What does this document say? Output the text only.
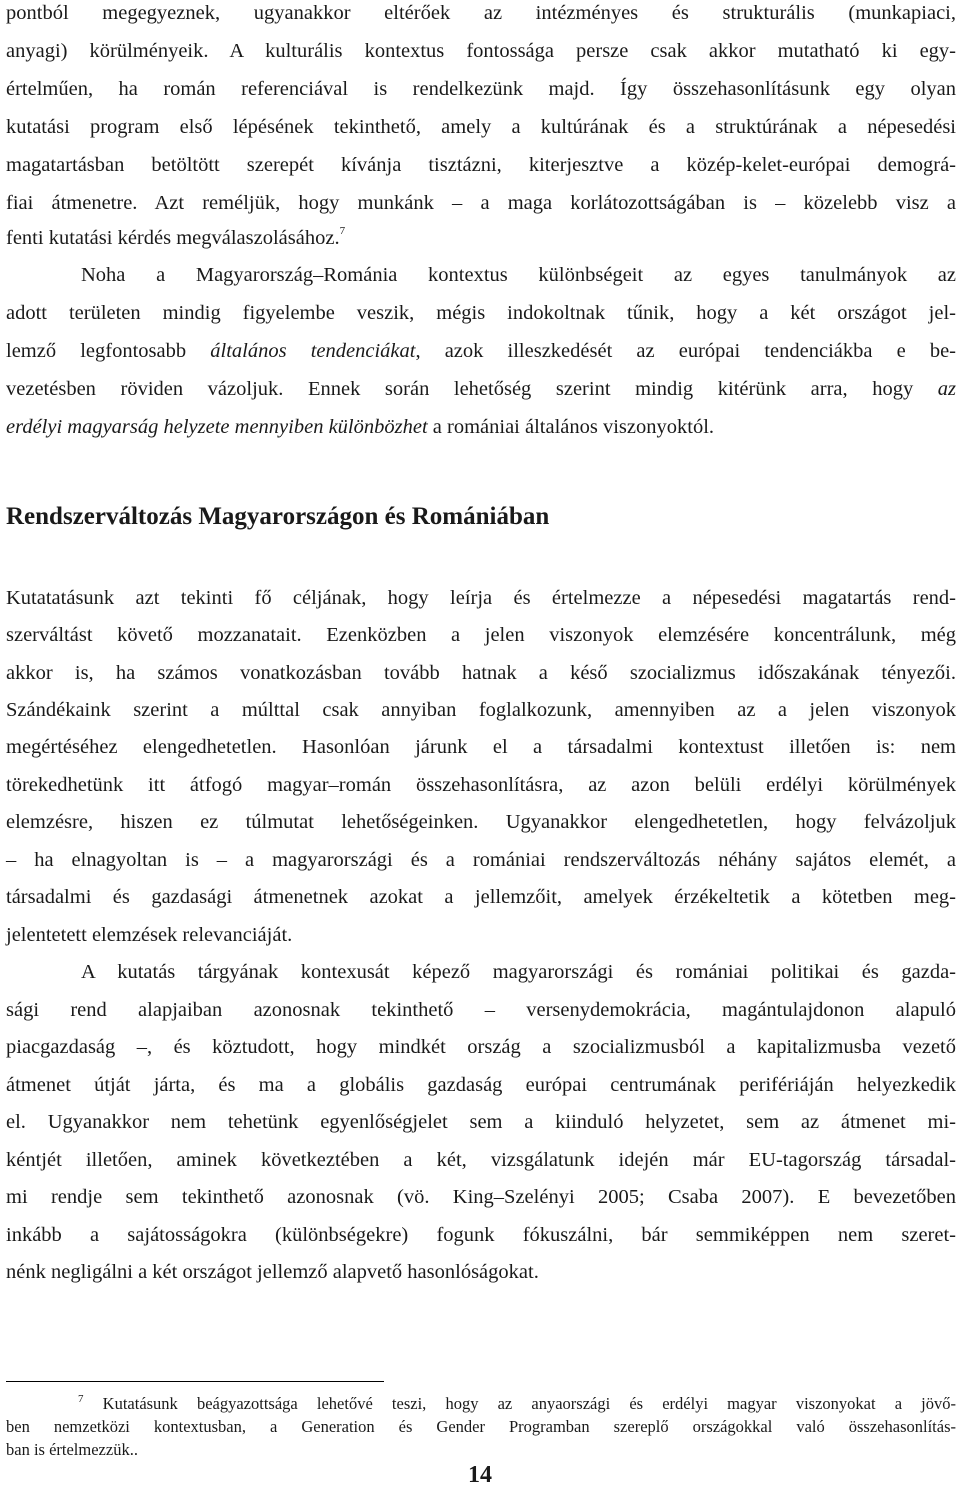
pontból megegyeznek, ugyanakkor eltérőek az intézményes és strukturális (munkapiaci,
anyagi) körülményeik. A kulturális kontextus fontossága persze csak akkor mutatható ki egy-
értelműen, ha román referenciával is rendelkezünk majd. Így összehasonlításunk egy olyan
kutatási program első lépésének tekinthető, amely a kultúrának és a struktúrának a népesedési
magatartásban betöltött szerepét kívánja tisztázni, kiterjesztve a közép-kelet-európai demográ-
fiai átmenetre. Azt reméljük, hogy munkánk – a maga korlátozottságában is – közelebb visz a
fenti kutatási kérdés megválaszolásához.$^7$
Noha a Magyarország–Románia kontextus különbségeit az egyes tanulmányok az
adott területen mindig figyelembe veszik, mégis indokoltnak tűnik, hogy a két országot jel-
lemző legfontosabb általános tendenciákat, azok illeszkedését az európai tendenciákba e be-
vezetésben röviden vázoljuk. Ennek során lehetőség szerint mindig kitérünk arra, hogy az
erdélyi magyarság helyzete mennyiben különbözhet a romániai általános viszonyoktól.
Rendszerváltozás Magyarországon és Romániában
Kutatatásunk azt tekinti fő céljának, hogy leírja és értelmezze a népesedési magatartás rend-
szerváltást követő mozzanatait. Ezenközben a jelen viszonyok elemzésére koncentrálunk, még
akkor is, ha számos vonatkozásban tovább hatnak a késő szocializmus időszakának tényezői.
Szándékaink szerint a múlttal csak annyiban foglalkozunk, amennyiben az a jelen viszonyok
megértéséhez elengedhetetlen. Hasonlóan járunk el a társadalmi kontextust illetően is: nem
törekedhetünk itt átfogó magyar–román összehasonlításra, az azon belüli erdélyi körülmények
elemzésre, hiszen ez túlmutat lehetőségeinken. Ugyanakkor elengedhetetlen, hogy felvázoljuk
– ha elnagyoltan is – a magyarországi és a romániai rendszerváltozás néhány sajátos elemét, a
társadalmi és gazdasági átmenetnek azokat a jellemzőit, amelyek érzékeltetik a kötetben meg-
jelentetett elemzések relevanciáját.
A kutatás tárgyának kontexusát képező magyarországi és romániai politikai és gazda-
sági rend alapjaiban azonosnak tekinthető – versenydemokrácia, magántulajdonon alapuló
piacgazdaság –, és köztudott, hogy mindkét ország a szocializmusból a kapitalizmusba vezető
átmenet útját járta, és ma a globális gazdaság európai centrumának perifériáján helyezkedik
el. Ugyanakkor nem tehetünk egyenlőségjelet sem a kiinduló helyzetet, sem az átmenet mi-
kéntjét illetően, aminek következtében a két, vizsgálatunk idején már EU-tagország társadal-
mi rendje sem tekinthető azonosnak (vö. King–Szelényi 2005; Csaba 2007). E bevezetőben
inkább a sajátosságokra (különbségekre) fogunk fókuszálni, bár semmiképpen nem szeret-
nénk negligálni a két országot jellemző alapvető hasonlóságokat.
$^7$ Kutatásunk beágyazottsága lehetővé teszi, hogy az anyaországi és erdélyi magyar viszonyokat a jövő-
ben nemzetközi kontextusban, a Generation és Gender Programban szereplő országokkal való összehasonlítás-
ban is értelmezzük..
14
